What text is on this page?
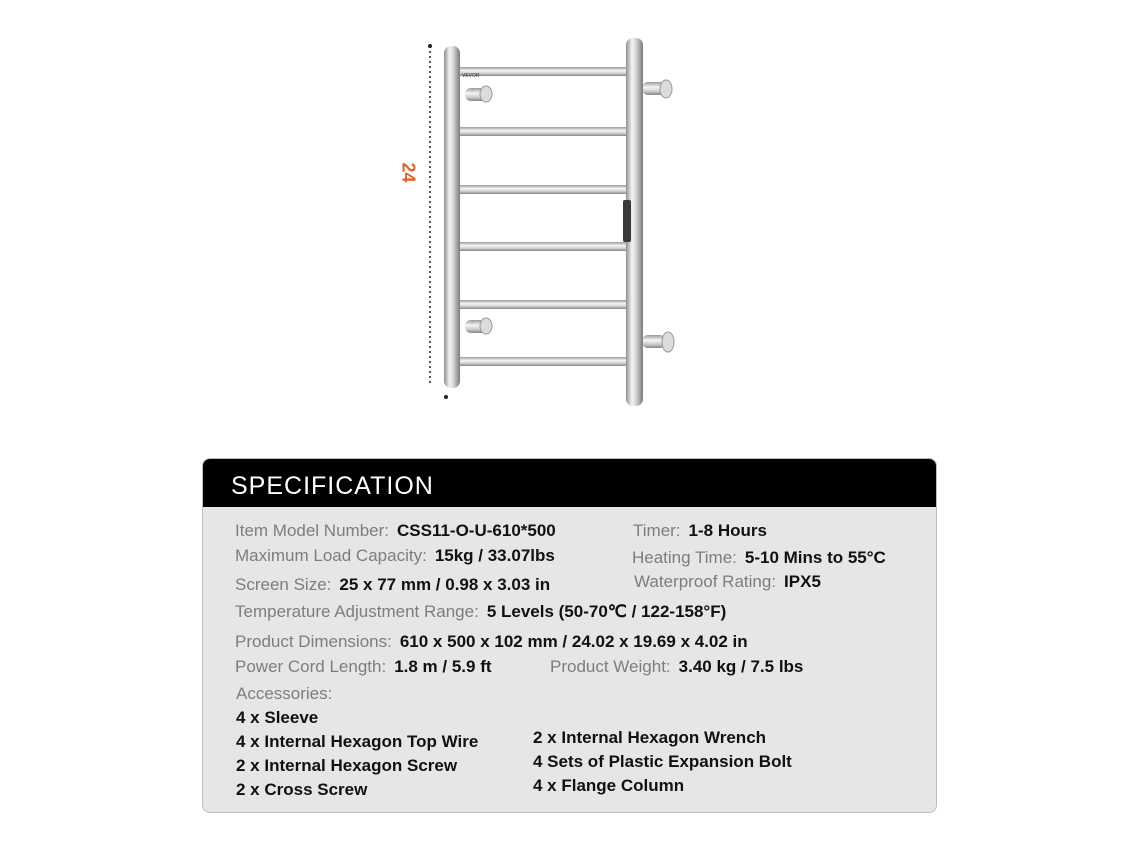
VEVOR
24
SPECIFICATION
Item Model Number: CSS11-O-U-610*500	Timer: 1-8 Hours
Maximum Load Capacity: 15kg / 33.07lbs	Heating Time: 5-10 Mins to 55°C
Screen Size: 25 x 77 mm / 0.98 x 3.03 in	Waterproof Rating: IPX5
Temperature Adjustment Range: 5 Levels (50-70℃ / 122-158°F)
Product Dimensions: 610 x 500 x 102 mm / 24.02 x 19.69 x 4.02 in
Power Cord Length: 1.8 m / 5.9 ft	Product Weight: 3.40 kg / 7.5 lbs
Accessories:
4 x Sleeve
4 x Internal Hexagon Top Wire
2 x Internal Hexagon Screw
2 x Cross Screw
2 x Internal Hexagon Wrench
4 Sets of Plastic Expansion Bolt
4 x Flange Column
